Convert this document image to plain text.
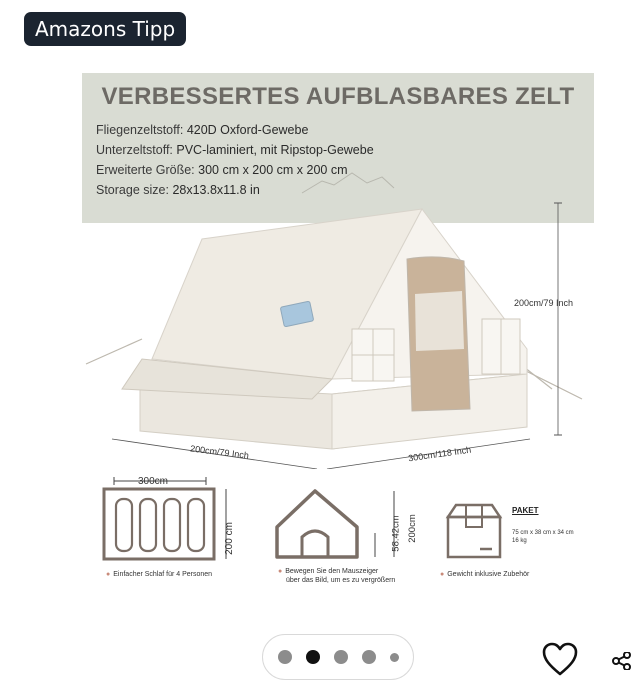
Amazons Tipp
VERBESSERTES AUFBLASBARES ZELT
Fliegenzeltstoff: 420D Oxford-Gewebe
Unterzeltstoff: PVC-laminiert, mit Ripstop-Gewebe
Erweiterte Größe: 300 cm x 200 cm x 200 cm
Storage size: 28x13.8x11.8 in
200cm/79 Inch
200cm/79 Inch	300cm/118 Inch
300cm
200 cm
● Einfacher Schlaf für 4 Personen
58.42cm 200cm
● Bewegen Sie den Mauszeiger
über das Bild, um es zu vergrößern
PAKET
75 cm x 38 cm x 34 cm
16 kg
● Gewicht inklusive Zubehör
